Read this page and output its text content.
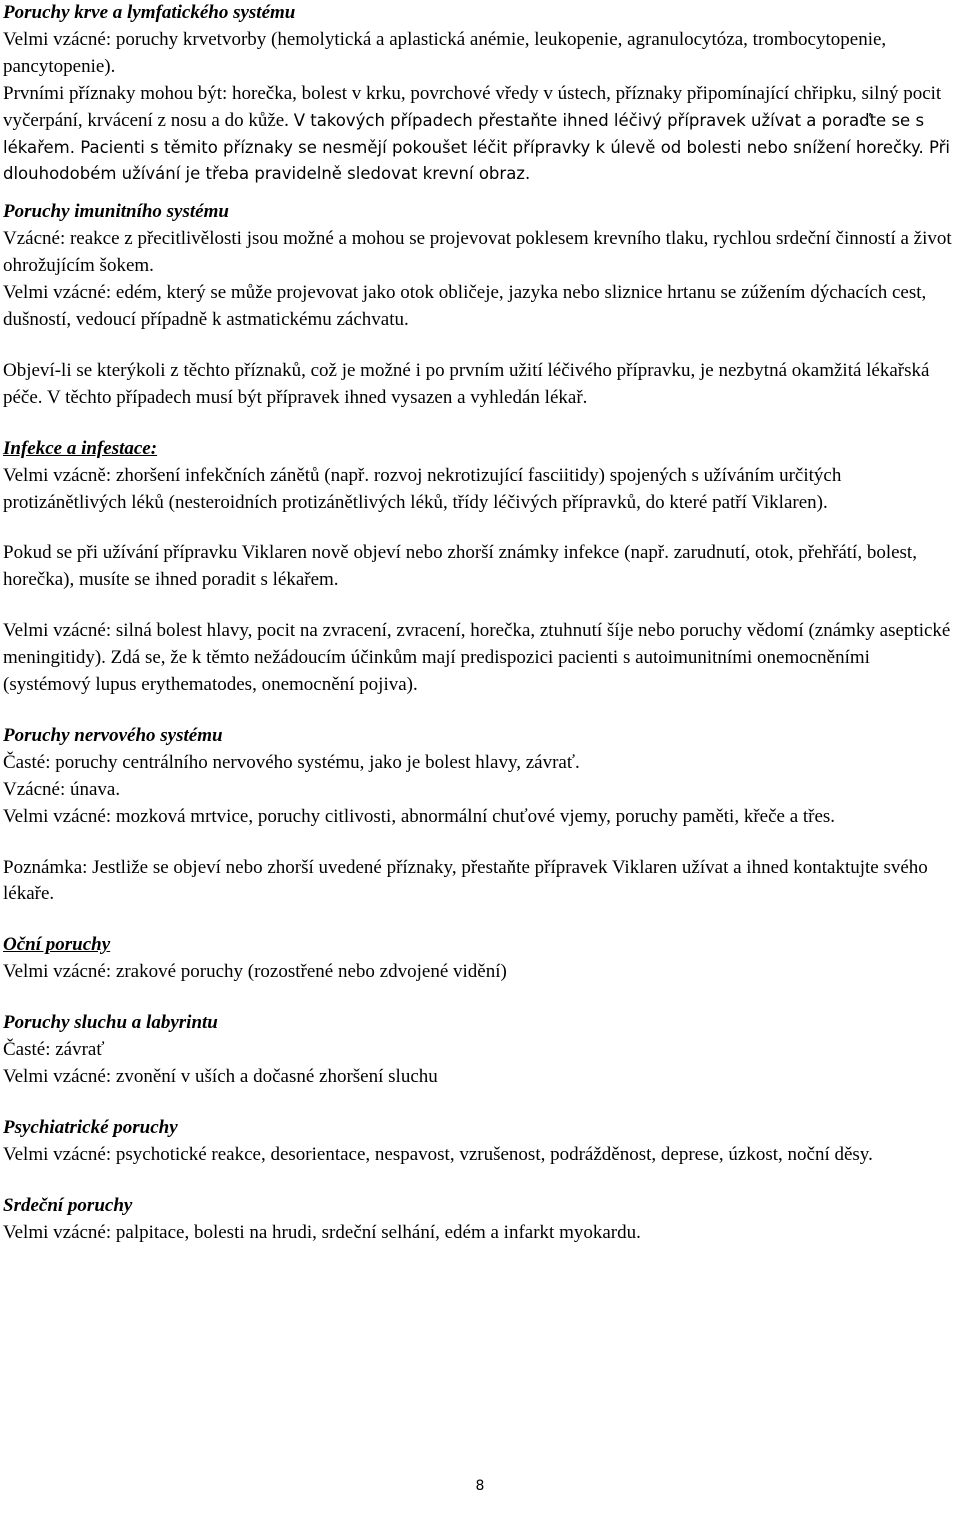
Poruchy krve a lymfatického systému

Velmi vzácné: poruchy krvetvorby (hemolytická a aplastická anémie, leukopenie, agranulocytóza, trombocytopenie, pancytopenie).

Prvními příznaky mohou být: horečka, bolest v krku, povrchové vředy v ústech, příznaky připomínající chřipku, silný pocit vyčerpání, krvácení z nosu a do kůže. V takových případech přestaňte ihned léčivý přípravek užívat a poraďte se s lékařem. Pacienti s těmito příznaky se nesmějí pokoušet léčit přípravky k úlevě od bolesti nebo snížení horečky. Při dlouhodobém užívání je třeba pravidelně sledovat krevní obraz.

Poruchy imunitního systému

Vzácné: reakce z přecitlivělosti jsou možné a mohou se projevovat poklesem krevního tlaku, rychlou srdeční činností a život ohrožujícím šokem.

Velmi vzácné: edém, který se může projevovat jako otok obličeje, jazyka nebo sliznice hrtanu se zúžením dýchacích cest, dušností, vedoucí případně k astmatickému záchvatu.

Objeví-li se kterýkoli z těchto příznaků, což je možné i po prvním užití léčivého přípravku, je nezbytná okamžitá lékařská péče. V těchto případech musí být přípravek ihned vysazen a vyhledán lékař.

Infekce a infestace:

Velmi vzácně: zhoršení infekčních zánětů (např. rozvoj nekrotizující fasciitidy) spojených s užíváním určitých protizánětlivých léků (nesteroidních protizánětlivých léků, třídy léčivých přípravků, do které patří Viklaren).

Pokud se při užívání přípravku Viklaren nově objeví nebo zhorší známky infekce (např. zarudnutí, otok, přehřátí, bolest, horečka), musíte se ihned poradit s lékařem.

Velmi vzácné: silná bolest hlavy, pocit na zvracení, zvracení, horečka, ztuhnutí šíje nebo poruchy vědomí (známky aseptické meningitidy). Zdá se, že k těmto nežádoucím účinkům mají predispozici pacienti s autoimunitními onemocněními (systémový lupus erythematodes, onemocnění pojiva).

Poruchy nervového systému

Časté: poruchy centrálního nervového systému, jako je bolest hlavy, závrať.

Vzácné: únava.

Velmi vzácné: mozková mrtvice, poruchy citlivosti, abnormální chuťové vjemy, poruchy paměti, křeče a třes.

Poznámka: Jestliže se objeví nebo zhorší uvedené příznaky, přestaňte přípravek Viklaren užívat a ihned kontaktujte svého lékaře.

Oční poruchy

Velmi vzácné: zrakové poruchy (rozostřené nebo zdvojené vidění)

Poruchy sluchu a labyrintu

Časté: závrať

Velmi vzácné: zvonění v uších a dočasné zhoršení sluchu

Psychiatrické poruchy

Velmi vzácné: psychotické reakce, desorientace, nespavost, vzrušenost, podrážděnost, deprese, úzkost, noční děsy.

Srdeční poruchy

Velmi vzácné: palpitace, bolesti na hrudi, srdeční selhání, edém a infarkt myokardu.

8
